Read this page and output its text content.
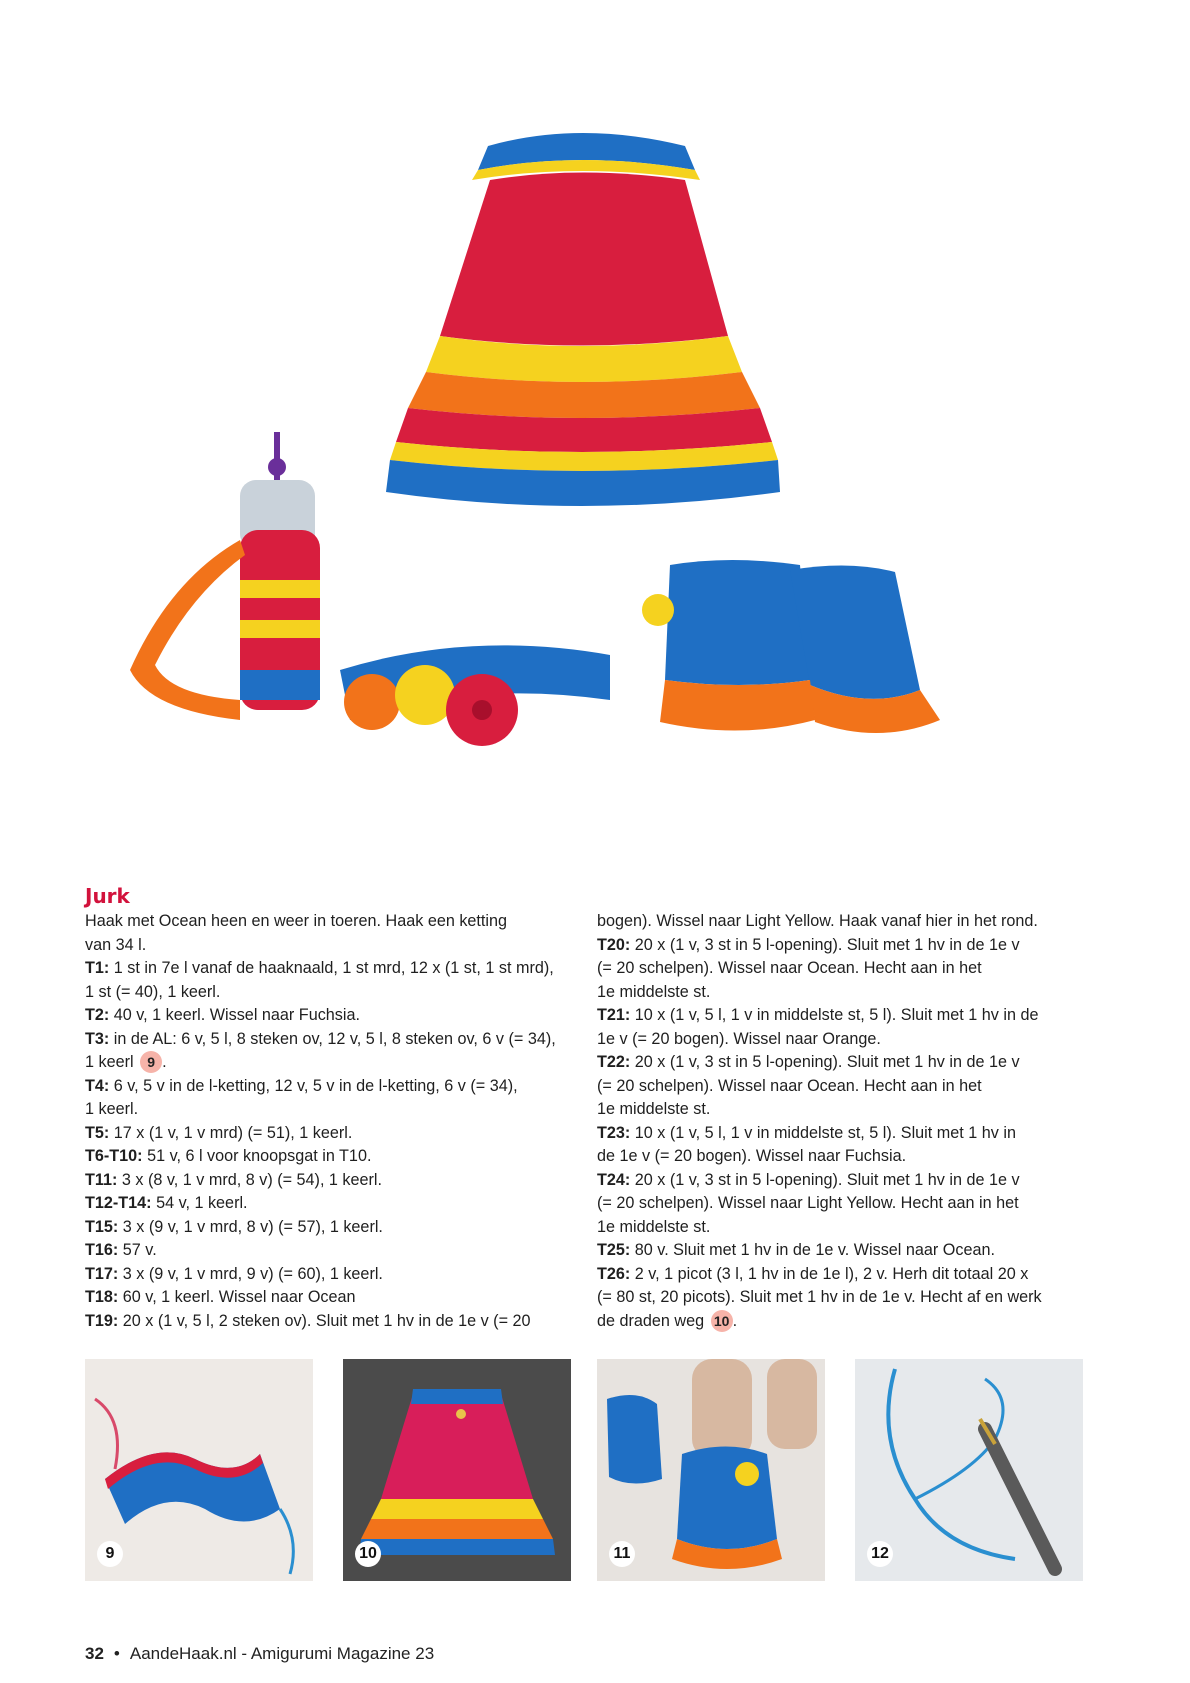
Jurk

Haak met Ocean heen en weer in toeren. Haak een ketting

van 34 l.

T1: 1 st in 7e l vanaf de haaknaald, 1 st mrd, 12 x (1 st, 1 st mrd),

1 st (= 40), 1 keerl.

T2: 40 v, 1 keerl. Wissel naar Fuchsia.

T3: in de AL: 6 v, 5 l, 8 steken ov, 12 v, 5 l, 8 steken ov, 6 v (= 34),

1 keerl 9 .

T4: 6 v, 5 v in de l-ketting, 12 v, 5 v in de l-ketting, 6 v (= 34),

1 keerl.

T5: 17 x (1 v, 1 v mrd) (= 51), 1 keerl.

T6-T10: 51 v, 6 l voor knoopsgat in T10.

T11: 3 x (8 v, 1 v mrd, 8 v) (= 54), 1 keerl.

T12-T14: 54 v, 1 keerl.

T15: 3 x (9 v, 1 v mrd, 8 v) (= 57), 1 keerl.

T16: 57 v.

T17: 3 x (9 v, 1 v mrd, 9 v) (= 60), 1 keerl.

T18: 60 v, 1 keerl. Wissel naar Ocean

T19: 20 x (1 v, 5 l, 2 steken ov). Sluit met 1 hv in de 1e v (= 20

bogen). Wissel naar Light Yellow. Haak vanaf hier in het rond.

T20: 20 x (1 v, 3 st in 5 l-opening). Sluit met 1 hv in de 1e v

(= 20 schelpen). Wissel naar Ocean. Hecht aan in het

1e middelste st.

T21: 10 x (1 v, 5 l, 1 v in middelste st, 5 l). Sluit met 1 hv in de

1e v (= 20 bogen). Wissel naar Orange.

T22: 20 x (1 v, 3 st in 5 l-opening). Sluit met 1 hv in de 1e v

(= 20 schelpen). Wissel naar Ocean. Hecht aan in het

1e middelste st.

T23: 10 x (1 v, 5 l, 1 v in middelste st, 5 l). Sluit met 1 hv in

de 1e v (= 20 bogen). Wissel naar Fuchsia.

T24: 20 x (1 v, 3 st in 5 l-opening). Sluit met 1 hv in de 1e v

(= 20 schelpen). Wissel naar Light Yellow. Hecht aan in het

1e middelste st.

T25: 80 v. Sluit met 1 hv in de 1e v. Wissel naar Ocean.

T26: 2 v, 1 picot (3 l, 1 hv in de 1e l), 2 v. Herh dit totaal 20 x

(= 80 st, 20 picots). Sluit met 1 hv in de 1e v. Hecht af en werk

de draden weg 10 .

9	10	11	12
32 • AandeHaak.nl - Amigurumi Magazine 23
